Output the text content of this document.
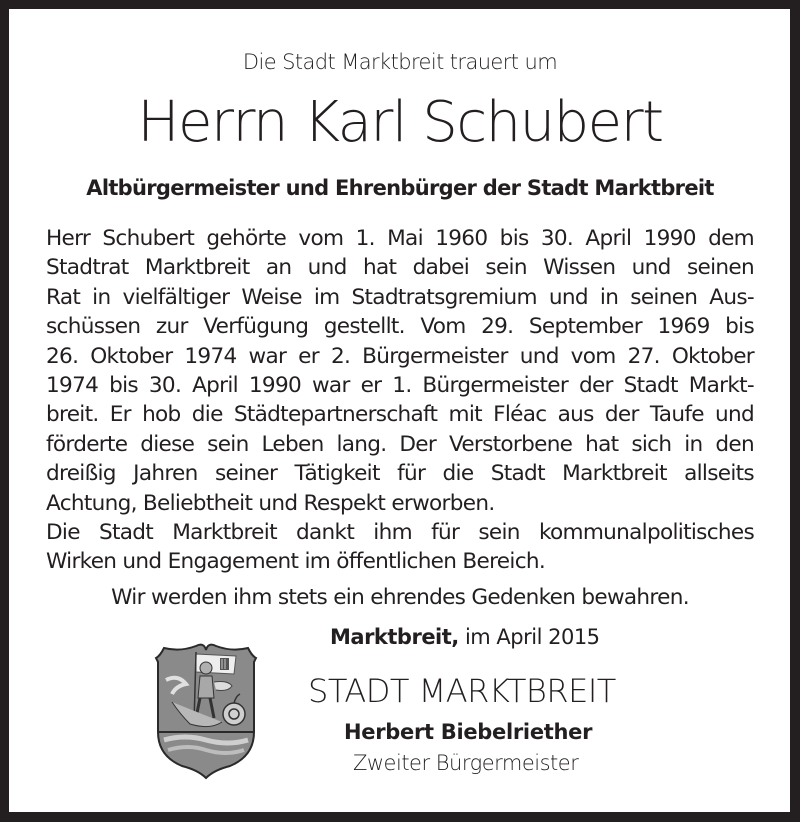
Die Stadt Marktbreit trauert um
Herrn Karl Schubert
Altbürgermeister und Ehrenbürger der Stadt Marktbreit
Herr Schubert gehörte vom 1. Mai 1960 bis 30. April 1990 dem
Stadtrat Marktbreit an und hat dabei sein Wissen und seinen
Rat in vielfältiger Weise im Stadtratsgremium und in seinen Aus-
schüssen zur Verfügung gestellt. Vom 29. September 1969 bis
26. Oktober 1974 war er 2. Bürgermeister und vom 27. Oktober
1974 bis 30. April 1990 war er 1. Bürgermeister der Stadt Markt-
breit. Er hob die Städtepartnerschaft mit Fléac aus der Taufe und
förderte diese sein Leben lang. Der Verstorbene hat sich in den
dreißig Jahren seiner Tätigkeit für die Stadt Marktbreit allseits
Achtung, Beliebtheit und Respekt erworben.
Die Stadt Marktbreit dankt ihm für sein kommunalpolitisches
Wirken und Engagement im öffentlichen Bereich.
Wir werden ihm stets ein ehrendes Gedenken bewahren.
Marktbreit, im April 2015
STADT MARKTBREIT
Herbert Biebelriether
Zweiter Bürgermeister
